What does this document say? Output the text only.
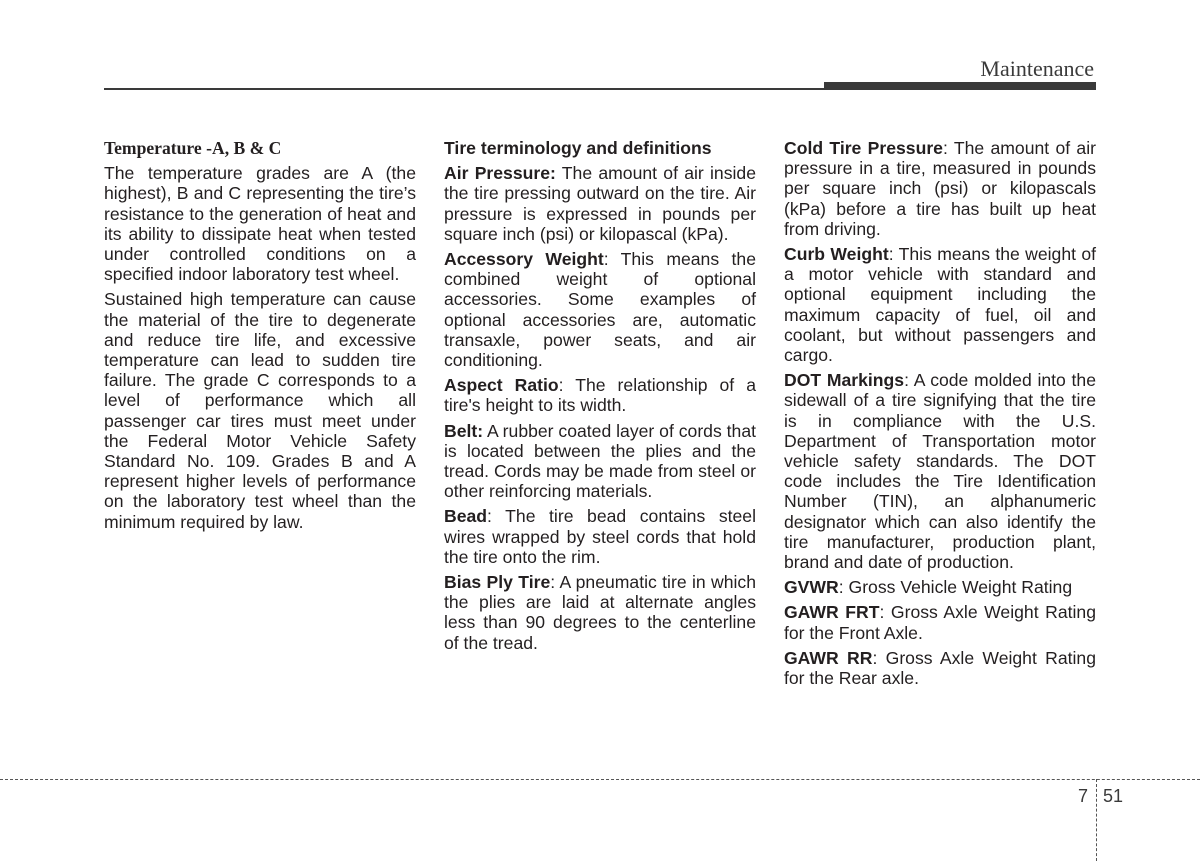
Maintenance

Temperature -A, B & C

The temperature grades are A (the highest), B and C representing the tire’s resistance to the generation of heat and its ability to dissipate heat when tested under controlled conditions on a specified indoor laboratory test wheel.

Sustained high temperature can cause the material of the tire to degenerate and reduce tire life, and excessive temperature can lead to sudden tire failure. The grade C corresponds to a level of performance which all passenger car tires must meet under the Federal Motor Vehicle Safety Standard No. 109. Grades B and A represent higher levels of performance on the laboratory test wheel than the minimum required by law.

Tire terminology and definitions

Air Pressure: The amount of air inside the tire pressing outward on the tire. Air pressure is expressed in pounds per square inch (psi) or kilopascal (kPa).

Accessory Weight: This means the combined weight of optional accessories. Some examples of optional accessories are, automatic transaxle, power seats, and air conditioning.

Aspect Ratio: The relationship of a tire's height to its width.

Belt: A rubber coated layer of cords that is located between the plies and the tread. Cords may be made from steel or other reinforcing materials.

Bead: The tire bead contains steel wires wrapped by steel cords that hold the tire onto the rim.

Bias Ply Tire: A pneumatic tire in which the plies are laid at alternate angles less than 90 degrees to the centerline of the tread.

Cold Tire Pressure: The amount of air pressure in a tire, measured in pounds per square inch (psi) or kilopascals (kPa) before a tire has built up heat from driving.

Curb Weight: This means the weight of a motor vehicle with standard and optional equipment including the maximum capacity of fuel, oil and coolant, but without passengers and cargo.

DOT Markings: A code molded into the sidewall of a tire signifying that the tire is in compliance with the U.S. Department of Transportation motor vehicle safety standards. The DOT code includes the Tire Identification Number (TIN), an alphanumeric designator which can also identify the tire manufacturer, production plant, brand and date of production.

GVWR: Gross Vehicle Weight Rating

GAWR FRT: Gross Axle Weight Rating for the Front Axle.

GAWR RR: Gross Axle Weight Rating for the Rear axle.

7 51
